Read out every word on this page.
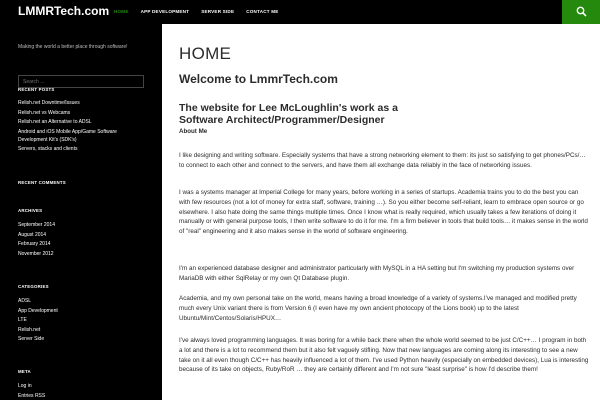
LMMRTech.com	HOME	APP DEVELOPMENT	SERVER SIDE	CONTACT ME
Making the world a better place through software!
Search ...
RECENT POSTS
Relish.net Downtime/Issues
Relish.net vs Webcams
Relish.net an Alternative to ADSL
Android and iOS Mobile App/Game Software Development Kit's (SDK's)
Servers, stacks and clients
RECENT COMMENTS
ARCHIVES
September 2014
August 2014
February 2014
November 2012
CATEGORIES
ADSL
App Development
LTE
Relish.net
Server Side
META
Log in
Entries RSS
HOME
Welcome to LmmrTech.com
The website for Lee McLoughlin's work as a Software Architect/Programmer/Designer
About Me

I like designing and writing software. Especially systems that have a strong networking element to them: its just so satisfying to get phones/PCs/… to connect to each other and connect to the servers, and have them all exchange data reliably in the face of networking issues.

I was a systems manager at Imperial College for many years, before working in a series of startups. Academia trains you to do the best you can with few resources (not a lot of money for extra staff, software, training …). So you either become self-reliant, learn to embrace open source or go elsewhere. I also hate doing the same things multiple times. Once I know what is really required, which usually takes a few iterations of doing it manually or with general purpose tools, I then write software to do it for me. I'm a firm believer in tools that build tools… it makes sense in the world of "real" engineering and it also makes sense in the world of software engineering.

I'm an experienced database designer and administrator particularly with MySQL in a HA setting but I'm switching my production systems over MariaDB with either SqlRelay or my own Qt Database plugin.

Academia, and my own personal take on the world, means having a broad knowledge of a variety of systems.I've managed and modified pretty much every Unix variant there is from Version 6 (I even have my own ancient photocopy of the Lions book) up to the latest Ubuntu/Mint/Centos/Solaris/HPUX…

I've always loved programming languages. It was boring for a while back there when the whole world seemed to be just C/C++… I program in both a lot and there is a lot to recommend them but it also felt vaguely stifling. Now that new languages are coming along its interesting to see a new take on it all even though C/C++ has heavily influenced a lot of them. I've used Python heavily (especially on embedded devices), Lua is interesting because of its take on objects, Ruby/RoR … they are certainly different and I'm not sure "least surprise" is how I'd describe them!
